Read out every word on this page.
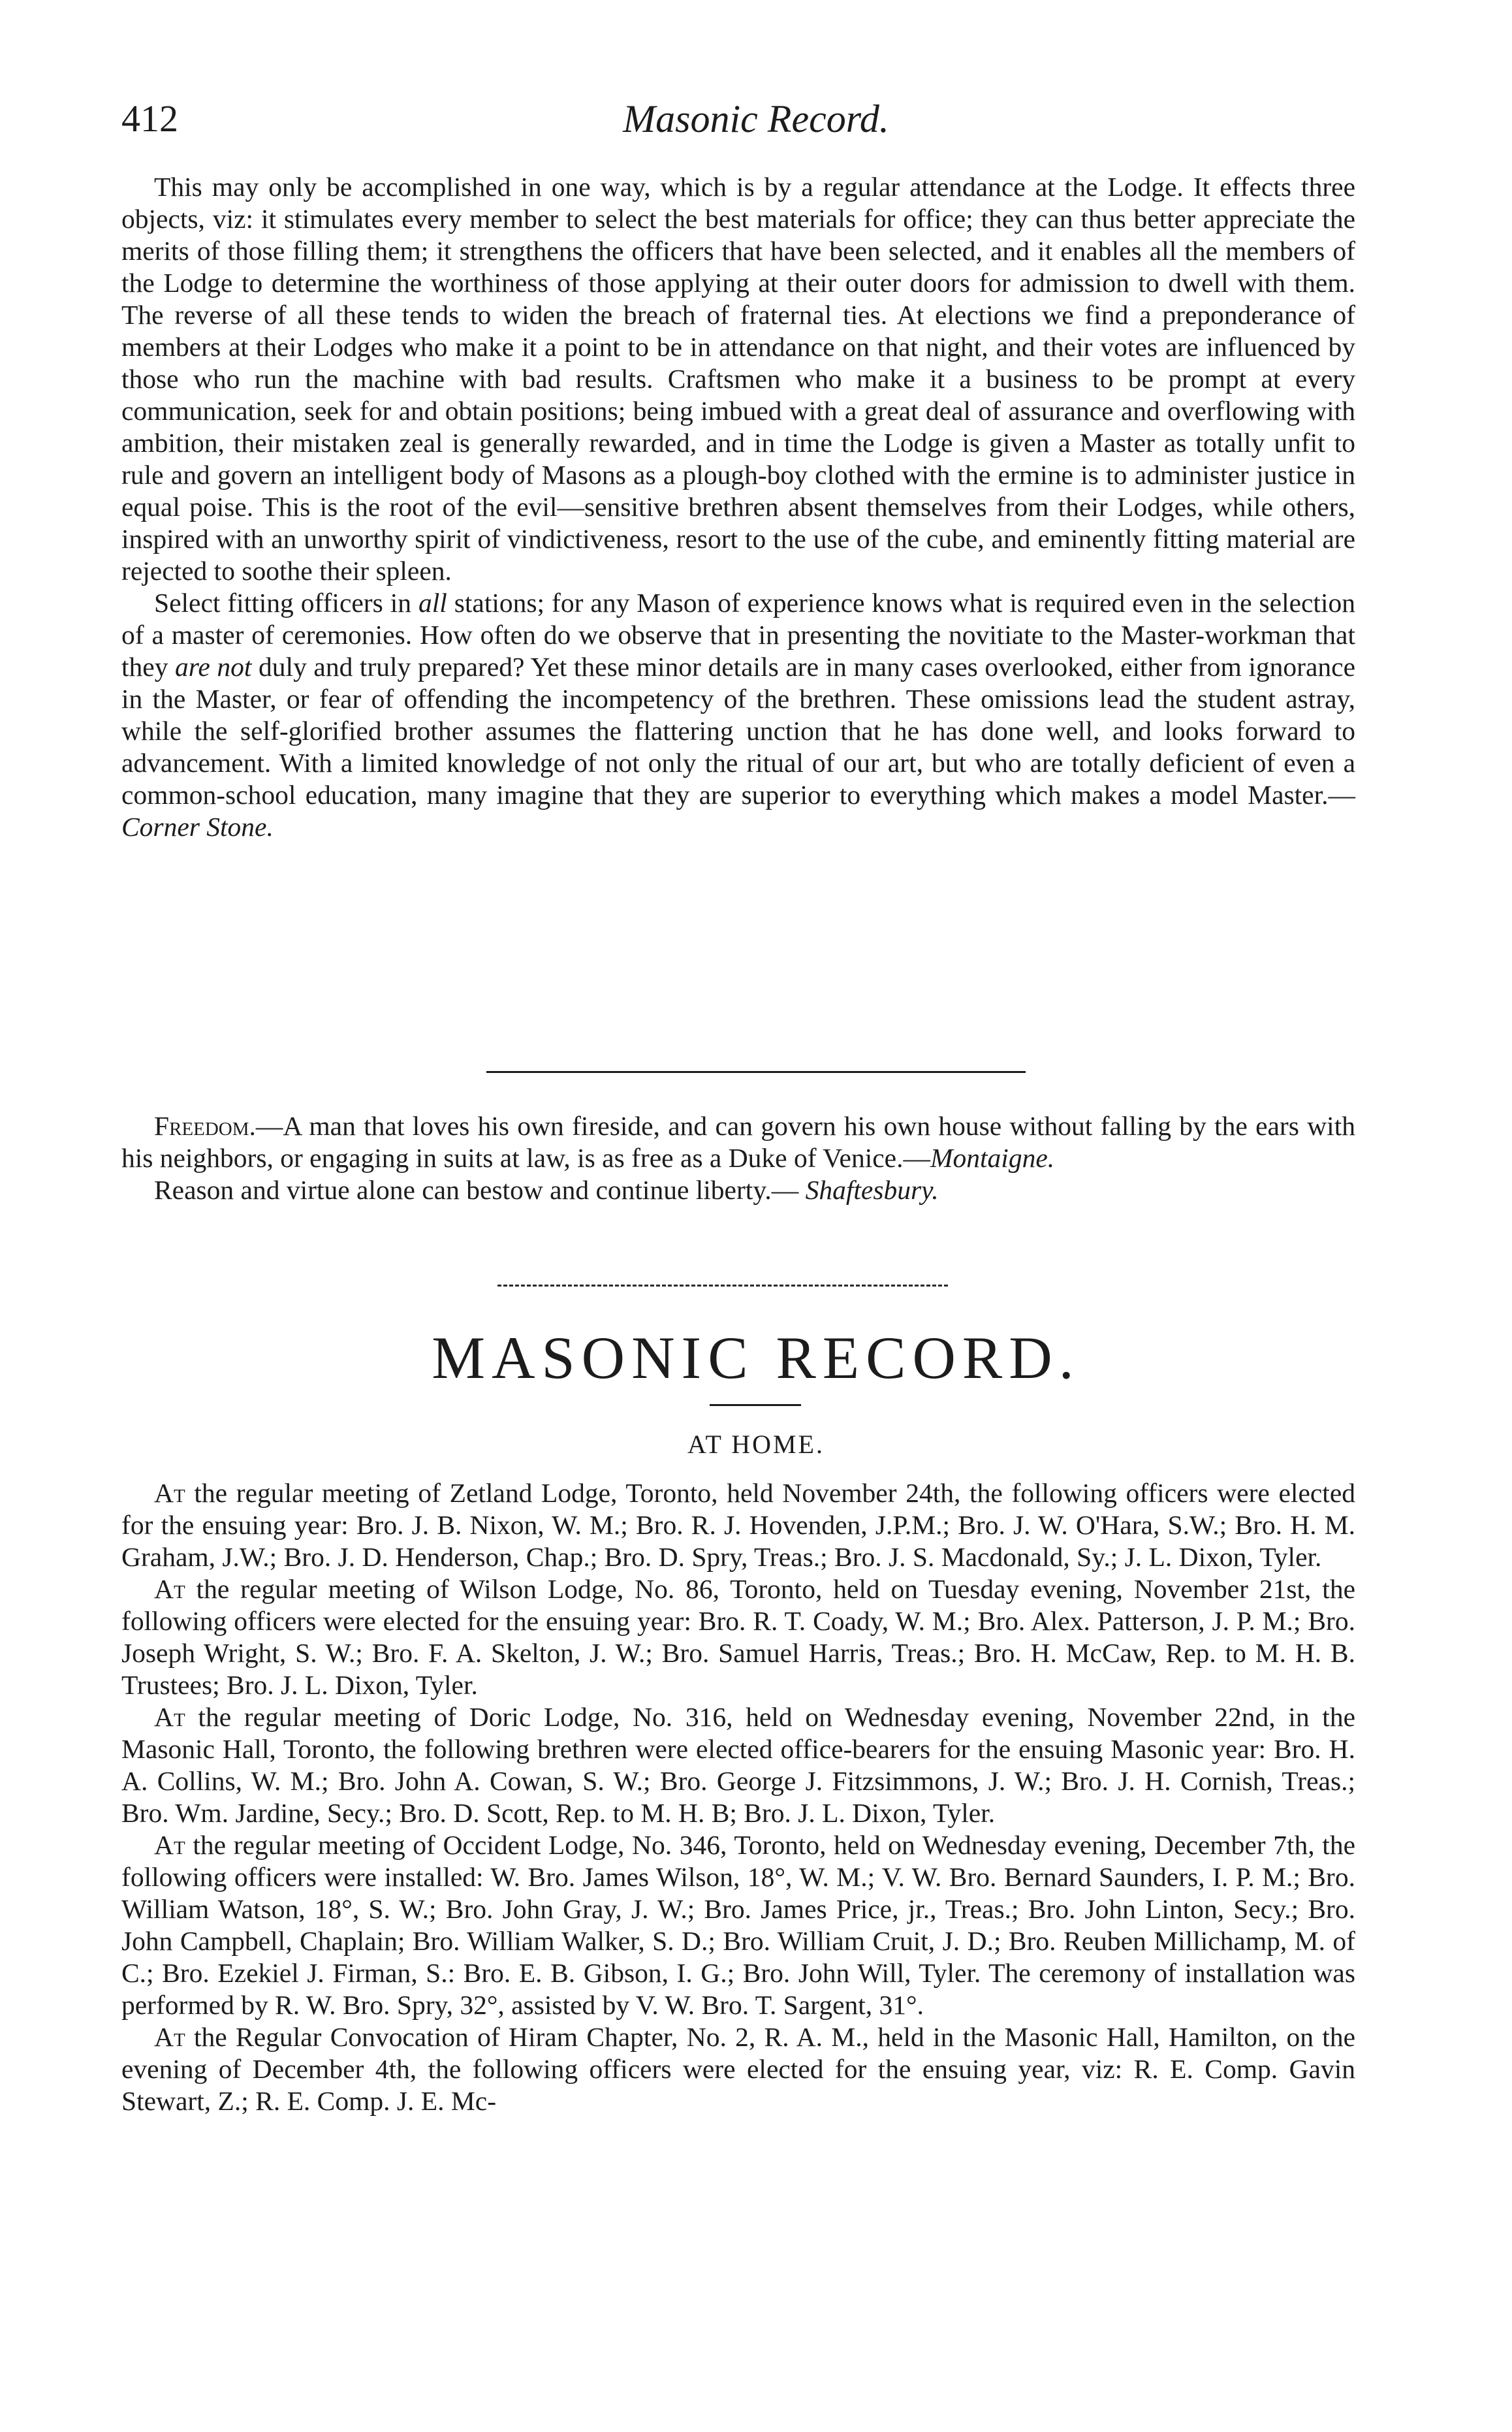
412	Masonic Record.

This may only be accomplished in one way, which is by a regular attendance at the Lodge. It effects three objects, viz: it stimulates every member to select the best materials for office; they can thus better appreciate the merits of those filling them; it strengthens the officers that have been selected, and it enables all the members of the Lodge to determine the worthiness of those applying at their outer doors for admission to dwell with them. The reverse of all these tends to widen the breach of fraternal ties. At elections we find a preponderance of members at their Lodges who make it a point to be in attendance on that night, and their votes are influenced by those who run the machine with bad results. Craftsmen who make it a business to be prompt at every communication, seek for and obtain positions; being imbued with a great deal of assurance and overflowing with ambition, their mistaken zeal is generally rewarded, and in time the Lodge is given a Master as totally unfit to rule and govern an intelligent body of Masons as a plough-boy clothed with the ermine is to administer justice in equal poise. This is the root of the evil—sensitive brethren absent themselves from their Lodges, while others, inspired with an unworthy spirit of vindictiveness, resort to the use of the cube, and eminently fitting material are rejected to soothe their spleen.

Select fitting officers in all stations; for any Mason of experience knows what is required even in the selection of a master of ceremonies. How often do we observe that in presenting the novitiate to the Master-workman that they are not duly and truly prepared? Yet these minor details are in many cases overlooked, either from ignorance in the Master, or fear of offending the incompetency of the brethren. These omissions lead the student astray, while the self-glorified brother assumes the flattering unction that he has done well, and looks forward to advancement. With a limited knowledge of not only the ritual of our art, but who are totally deficient of even a common-school education, many imagine that they are superior to everything which makes a model Master.—Corner Stone.

Freedom.—A man that loves his own fireside, and can govern his own house without falling by the ears with his neighbors, or engaging in suits at law, is as free as a Duke of Venice.—Montaigne.

Reason and virtue alone can bestow and continue liberty.— Shaftesbury.

MASONIC RECORD.
AT HOME.

At the regular meeting of Zetland Lodge, Toronto, held November 24th, the following officers were elected for the ensuing year: Bro. J. B. Nixon, W. M.; Bro. R. J. Hovenden, J.P.M.; Bro. J. W. O'Hara, S.W.; Bro. H. M. Graham, J.W.; Bro. J. D. Henderson, Chap.; Bro. D. Spry, Treas.; Bro. J. S. Macdonald, Sy.; J. L. Dixon, Tyler.

At the regular meeting of Wilson Lodge, No. 86, Toronto, held on Tuesday evening, November 21st, the following officers were elected for the ensuing year: Bro. R. T. Coady, W. M.; Bro. Alex. Patterson, J. P. M.; Bro. Joseph Wright, S. W.; Bro. F. A. Skelton, J. W.; Bro. Samuel Harris, Treas.; Bro. H. McCaw, Rep. to M. H. B. Trustees; Bro. J. L. Dixon, Tyler.

At the regular meeting of Doric Lodge, No. 316, held on Wednesday evening, November 22nd, in the Masonic Hall, Toronto, the following brethren were elected office-bearers for the ensuing Masonic year: Bro. H. A. Collins, W. M.; Bro. John A. Cowan, S. W.; Bro. George J. Fitzsimmons, J. W.; Bro. J. H. Cornish, Treas.; Bro. Wm. Jardine, Secy.; Bro. D. Scott, Rep. to M. H. B; Bro. J. L. Dixon, Tyler.

At the regular meeting of Occident Lodge, No. 346, Toronto, held on Wednesday evening, December 7th, the following officers were installed: W. Bro. James Wilson, 18°, W. M.; V. W. Bro. Bernard Saunders, I. P. M.; Bro. William Watson, 18°, S. W.; Bro. John Gray, J. W.; Bro. James Price, jr., Treas.; Bro. John Linton, Secy.; Bro. John Campbell, Chaplain; Bro. William Walker, S. D.; Bro. William Cruit, J. D.; Bro. Reuben Millichamp, M. of C.; Bro. Ezekiel J. Firman, S.: Bro. E. B. Gibson, I. G.; Bro. John Will, Tyler. The ceremony of installation was performed by R. W. Bro. Spry, 32°, assisted by V. W. Bro. T. Sargent, 31°.

At the Regular Convocation of Hiram Chapter, No. 2, R. A. M., held in the Masonic Hall, Hamilton, on the evening of December 4th, the following officers were elected for the ensuing year, viz: R. E. Comp. Gavin Stewart, Z.; R. E. Comp. J. E. Mc-
